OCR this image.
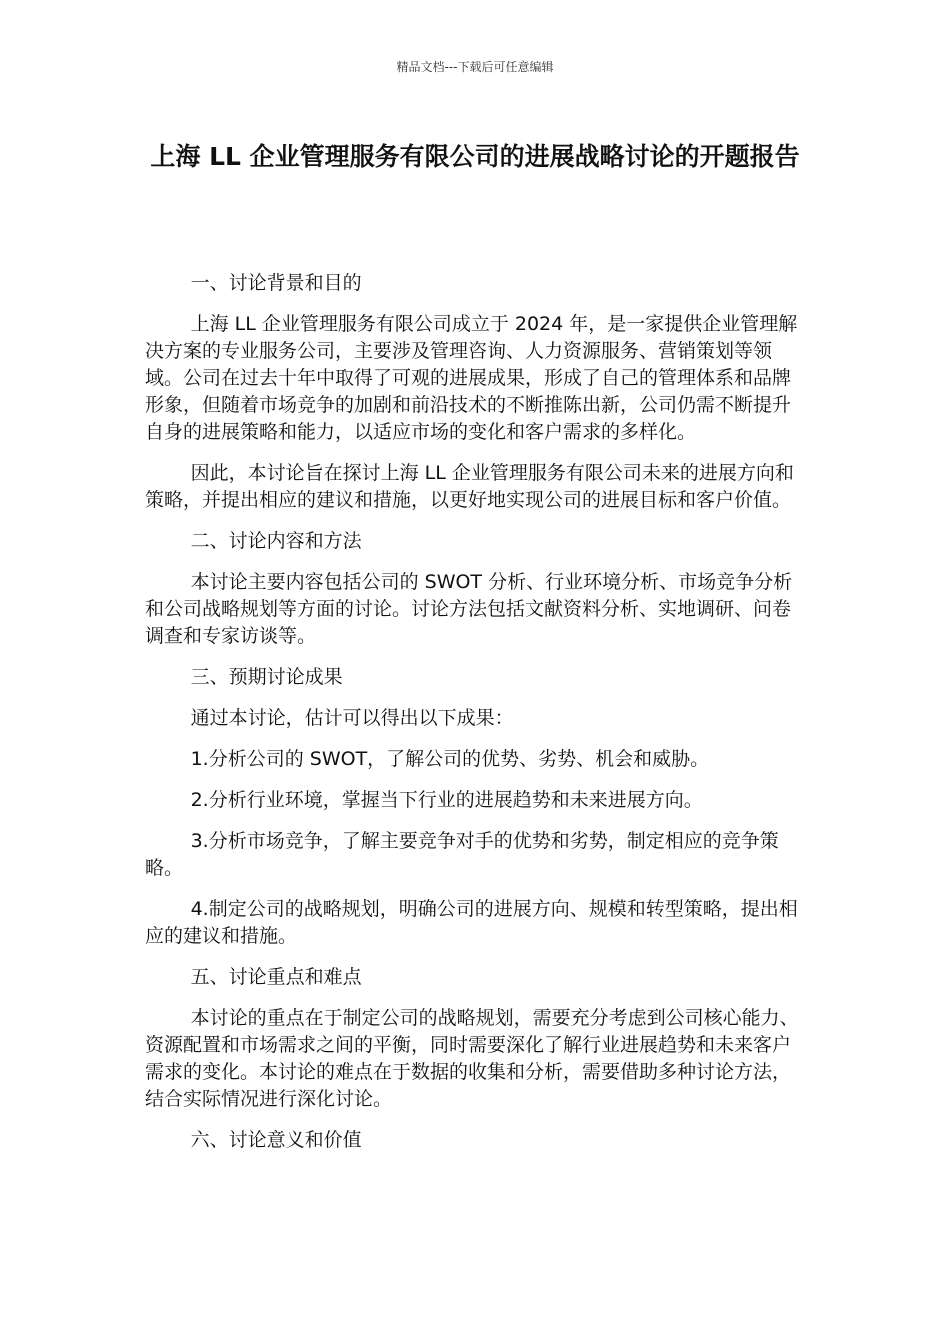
精品文档---下载后可任意编辑
上海 LL 企业管理服务有限公司的进展战略讨论的开题报告

一、讨论背景和目的

上海 LL 企业管理服务有限公司成立于 2024 年，是一家提供企业管理解决方案的专业服务公司，主要涉及管理咨询、人力资源服务、营销策划等领域。公司在过去十年中取得了可观的进展成果，形成了自己的管理体系和品牌形象，但随着市场竞争的加剧和前沿技术的不断推陈出新，公司仍需不断提升自身的进展策略和能力，以适应市场的变化和客户需求的多样化。

因此，本讨论旨在探讨上海 LL 企业管理服务有限公司未来的进展方向和策略，并提出相应的建议和措施，以更好地实现公司的进展目标和客户价值。

二、讨论内容和方法

本讨论主要内容包括公司的 SWOT 分析、行业环境分析、市场竞争分析和公司战略规划等方面的讨论。讨论方法包括文献资料分析、实地调研、问卷调查和专家访谈等。

三、预期讨论成果

通过本讨论，估计可以得出以下成果：

1.分析公司的 SWOT，了解公司的优势、劣势、机会和威胁。

2.分析行业环境，掌握当下行业的进展趋势和未来进展方向。

3.分析市场竞争，了解主要竞争对手的优势和劣势，制定相应的竞争策略。

4.制定公司的战略规划，明确公司的进展方向、规模和转型策略，提出相应的建议和措施。

五、讨论重点和难点

本讨论的重点在于制定公司的战略规划，需要充分考虑到公司核心能力、资源配置和市场需求之间的平衡，同时需要深化了解行业进展趋势和未来客户需求的变化。本讨论的难点在于数据的收集和分析，需要借助多种讨论方法，结合实际情况进行深化讨论。

六、讨论意义和价值
